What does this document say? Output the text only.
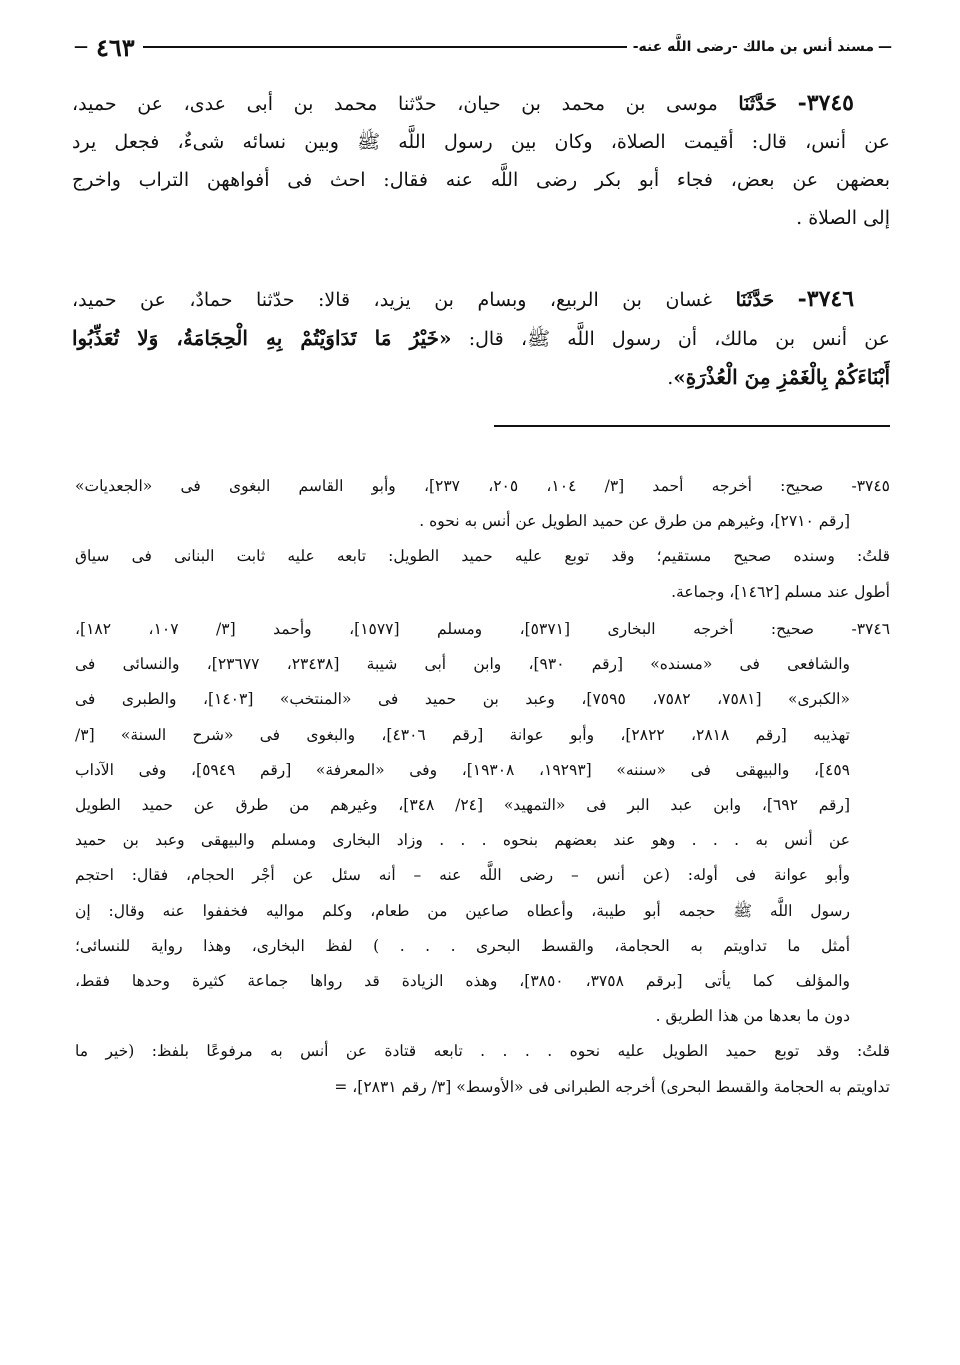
—
مسند أنس بن مالك -رضى اللَّه عنه-
٤٦٣
—
٣٧٤٥- حَدَّثَنَا موسى بن محمد بن حيان، حدّثنا محمد بن أبى عدى، عن حميد،
عن أنس، قال: أقيمت الصلاة، وكان بين رسول اللَّه ﷺ وبين نسائه شىءٌ، فجعل يرد
بعضهن عن بعض، فجاء أبو بكر رضى اللَّه عنه فقال: احث فى أفواههن التراب واخرج
إلى الصلاة .
٣٧٤٦- حَدَّثَنَا غسان بن الربيع، وبسام بن يزيد، قالا: حدّثنا حمادٌ، عن حميد،
عن أنس بن مالك، أن رسول اللَّه ﷺ، قال: «خَيْرُ مَا تَدَاوَيْتُمْ بِهِ الْحِجَامَةُ، وَلا تُعَذِّبُوا
أَبْنَاءَكُمْ بِالْغَمْزِ مِنَ الْعُذْرَةِ».
٣٧٤٥- صحيح: أخرجه أحمد [٣/ ١٠٤، ٢٠٥، ٢٣٧]، وأبو القاسم البغوى فى «الجعديات»
[رقم ٢٧١٠]، وغيرهم من طرق عن حميد الطويل عن أنس به نحوه .
قلتُ: وسنده صحيح مستقيم؛ وقد توبع عليه حميد الطويل: تابعه عليه ثابت البنانى فى سياق
أطول عند مسلم [١٤٦٢]، وجماعة.
٣٧٤٦- صحيح: أخرجه البخارى [٥٣٧١]، ومسلم [١٥٧٧]، وأحمد [٣/ ١٠٧، ١٨٢]،
والشافعى فى «مسنده» [رقم ٩٣٠]، وابن أبى شيبة [٢٣٤٣٨، ٢٣٦٧٧]، والنسائى فى
«الكبرى» [٧٥٨١، ٧٥٨٢، ٧٥٩٥]، وعبد بن حميد فى «المنتخب» [١٤٠٣]، والطبرى فى
تهذيبه [رقم ٢٨١٨، ٢٨٢٢]، وأبو عوانة [رقم ٤٣٠٦]، والبغوى فى «شرح السنة» [٣/
٤٥٩]، والبيهقى فى «سننه» [١٩٢٩٣، ١٩٣٠٨]، وفى «المعرفة» [رقم ٥٩٤٩]، وفى الآداب
[رقم ٦٩٢]، وابن عبد البر فى «التمهيد» [٢٤/ ٣٤٨]، وغيرهم من طرق عن حميد الطويل
عن أنس به . . . وهو عند بعضهم بنحوه . . . وزاد البخارى ومسلم والبيهقى وعبد بن حميد
وأبو عوانة فى أوله: (عن أنس – رضى اللَّه عنه – أنه سئل عن أجْر الحجام، فقال: احتجم
رسول اللَّه ﷺ حجمه أبو طيبة، وأعطاه صاعين من طعام، وكلم مواليه فخففوا عنه وقال: إن
أمثل ما تداويتم به الحجامة، والقسط البحرى . . . ) لفظ البخارى، وهذا رواية للنسائى؛
والمؤلف كما يأتى [برقم ٣٧٥٨، ٣٨٥٠]، وهذه الزيادة قد رواها جماعة كثيرة وحدها فقط،
دون ما بعدها من هذا الطريق .
قلتُ: وقد توبع حميد الطويل عليه نحوه . . . . تابعه قتادة عن أنس به مرفوعًا بلفظ: (خير ما
تداويتم به الحجامة والقسط البحرى) أخرجه الطبرانى فى «الأوسط» [٣/ رقم ٢٨٣١]، =
